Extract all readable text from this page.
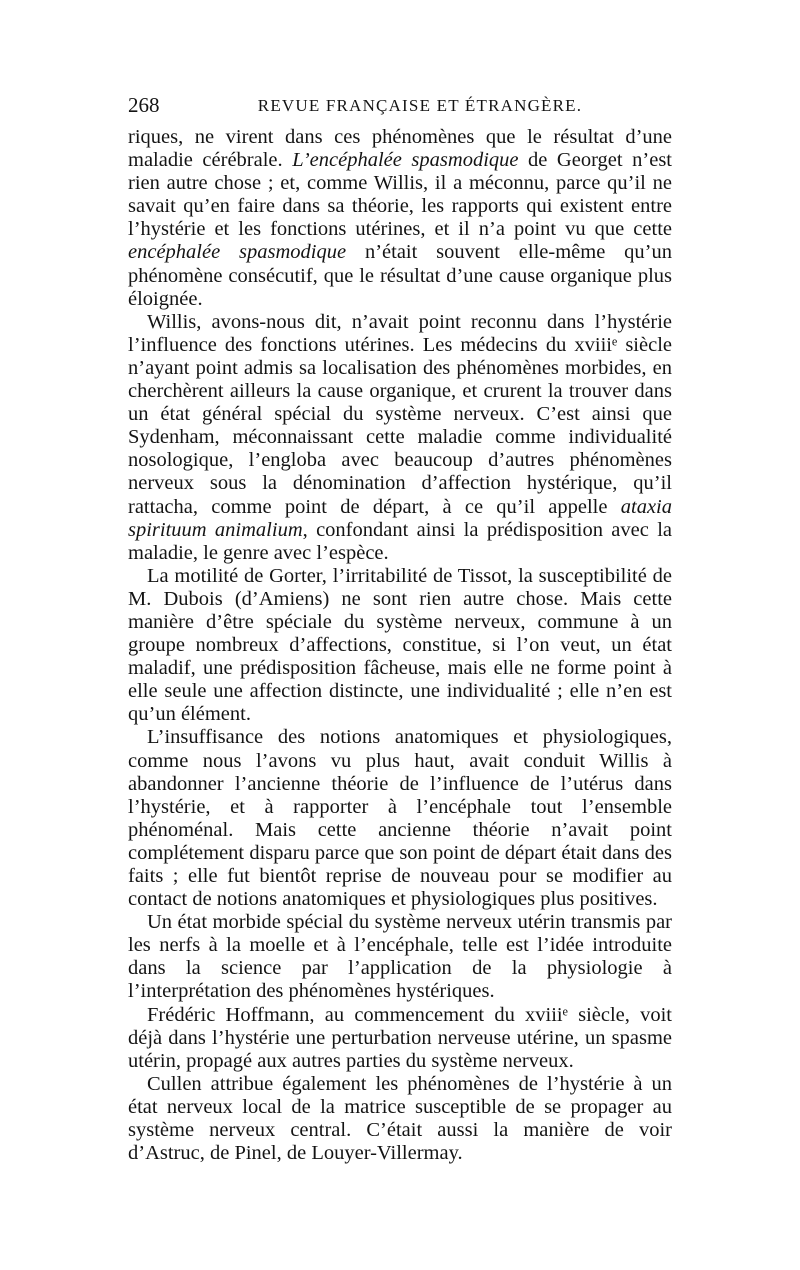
268	REVUE FRANÇAISE ET ÉTRANGÈRE.

riques, ne virent dans ces phénomènes que le résultat d’une maladie cérébrale. L’encéphalée spasmodique de Georget n’est rien autre chose ; et, comme Willis, il a méconnu, parce qu’il ne savait qu’en faire dans sa théorie, les rapports qui existent entre l’hystérie et les fonctions utérines, et il n’a point vu que cette encéphalée spasmodique n’était souvent elle-même qu’un phénomène consécutif, que le résultat d’une cause organique plus éloignée.

Willis, avons-nous dit, n’avait point reconnu dans l’hystérie l’influence des fonctions utérines. Les médecins du xviiiᵉ siècle n’ayant point admis sa localisation des phénomènes morbides, en cherchèrent ailleurs la cause organique, et crurent la trouver dans un état général spécial du système nerveux. C’est ainsi que Sydenham, méconnaissant cette maladie comme individualité nosologique, l’engloba avec beaucoup d’autres phénomènes nerveux sous la dénomination d’affection hystérique, qu’il rattacha, comme point de départ, à ce qu’il appelle ataxia spirituum animalium, confondant ainsi la prédisposition avec la maladie, le genre avec l’espèce.

La motilité de Gorter, l’irritabilité de Tissot, la susceptibilité de M. Dubois (d’Amiens) ne sont rien autre chose. Mais cette manière d’être spéciale du système nerveux, commune à un groupe nombreux d’affections, constitue, si l’on veut, un état maladif, une prédisposition fâcheuse, mais elle ne forme point à elle seule une affection distincte, une individualité ; elle n’en est qu’un élément.

L’insuffisance des notions anatomiques et physiologiques, comme nous l’avons vu plus haut, avait conduit Willis à abandonner l’ancienne théorie de l’influence de l’utérus dans l’hystérie, et à rapporter à l’encéphale tout l’ensemble phénoménal. Mais cette ancienne théorie n’avait point complétement disparu parce que son point de départ était dans des faits ; elle fut bientôt reprise de nouveau pour se modifier au contact de notions anatomiques et physiologiques plus positives.

Un état morbide spécial du système nerveux utérin transmis par les nerfs à la moelle et à l’encéphale, telle est l’idée introduite dans la science par l’application de la physiologie à l’interprétation des phénomènes hystériques.

Frédéric Hoffmann, au commencement du xviiiᵉ siècle, voit déjà dans l’hystérie une perturbation nerveuse utérine, un spasme utérin, propagé aux autres parties du système nerveux.

Cullen attribue également les phénomènes de l’hystérie à un état nerveux local de la matrice susceptible de se propager au système nerveux central. C’était aussi la manière de voir d’Astruc, de Pinel, de Louyer-Villermay.
